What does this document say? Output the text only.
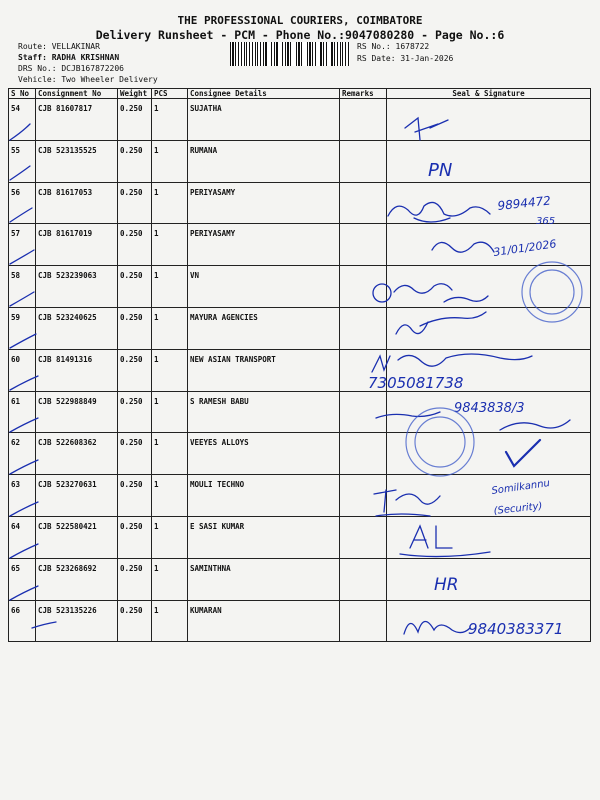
THE PROFESSIONAL COURIERS, COIMBATORE
Delivery Runsheet - PCM - Phone No.:9047080280 - Page No.:6
Route: VELLAKINAR
Staff: RADHA KRISHNAN
DRS No.: DCJB167872206
Vehicle: Two Wheeler Delivery
RS No.: 1678722
RS Date: 31-Jan-2026
S No	Consignment No	Weight	PCS	Consignee Details	Remarks	Seal & Signature
54	CJB 81607817	0.250	1	SUJATHA		
55	CJB 523135525	0.250	1	RUMANA		
56	CJB 81617053	0.250	1	PERIYASAMY		
57	CJB 81617019	0.250	1	PERIYASAMY		
58	CJB 523239063	0.250	1	VN		
59	CJB 523240625	0.250	1	MAYURA AGENCIES		
60	CJB 81491316	0.250	1	NEW ASIAN TRANSPORT		
61	CJB 522988849	0.250	1	S RAMESH BABU		
62	CJB 522608362	0.250	1	VEEYES ALLOYS		
63	CJB 523270631	0.250	1	MOULI TECHNO		
64	CJB 522580421	0.250	1	E SASI KUMAR		
65	CJB 523268692	0.250	1	SAMINTHNA		
66	CJB 523135226	0.250	1	KUMARAN		
PN
9894472
365
31/01/2026
7305081738
9843838/3
Somilkannu
(Security)
HR
9840383371
